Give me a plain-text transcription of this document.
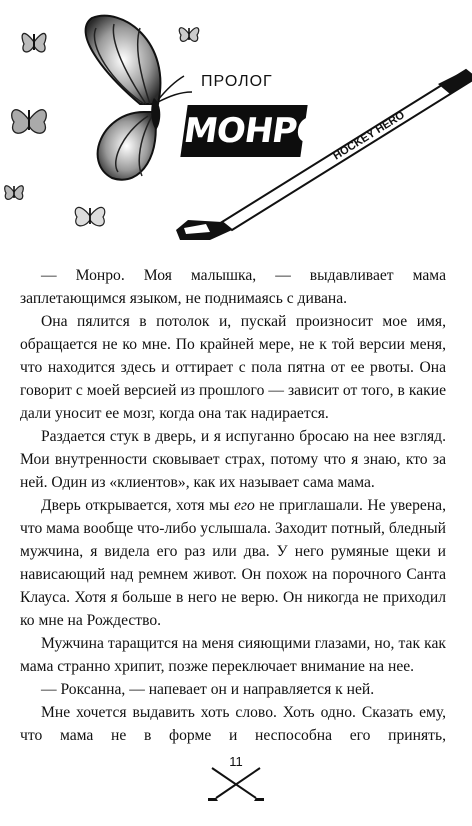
HOCKEY HERO
ПРОЛОГ
МОНРО

— Монро. Моя малышка, — выдавливает мама заплетающимся языком, не поднимаясь с дивана.

Она пялится в потолок и, пускай произносит мое имя, обращается не ко мне. По крайней мере, не к той версии меня, что находится здесь и оттирает с пола пятна от ее рвоты. Она говорит с моей версией из прошлого — зависит от того, в какие дали уносит ее мозг, когда она так надирается.

Раздается стук в дверь, и я испуганно бросаю на нее взгляд. Мои внутренности сковывает страх, потому что я знаю, кто за ней. Один из «клиентов», как их называет сама мама.

Дверь открывается, хотя мы его не приглашали. Не уверена, что мама вообще что-либо услышала. Заходит потный, бледный мужчина, я видела его раз или два. У него румяные щеки и нависающий над ремнем живот. Он похож на порочного Санта Клауса. Хотя я больше в него не верю. Он никогда не приходил ко мне на Рождество.

Мужчина таращится на меня сияющими глазами, но, так как мама странно хрипит, позже переключает внимание на нее.

— Роксанна, — напевает он и направляется к ней.

Мне хочется выдавить хоть слово. Хоть одно. Сказать ему, что мама не в форме и неспособна его принять,

11
